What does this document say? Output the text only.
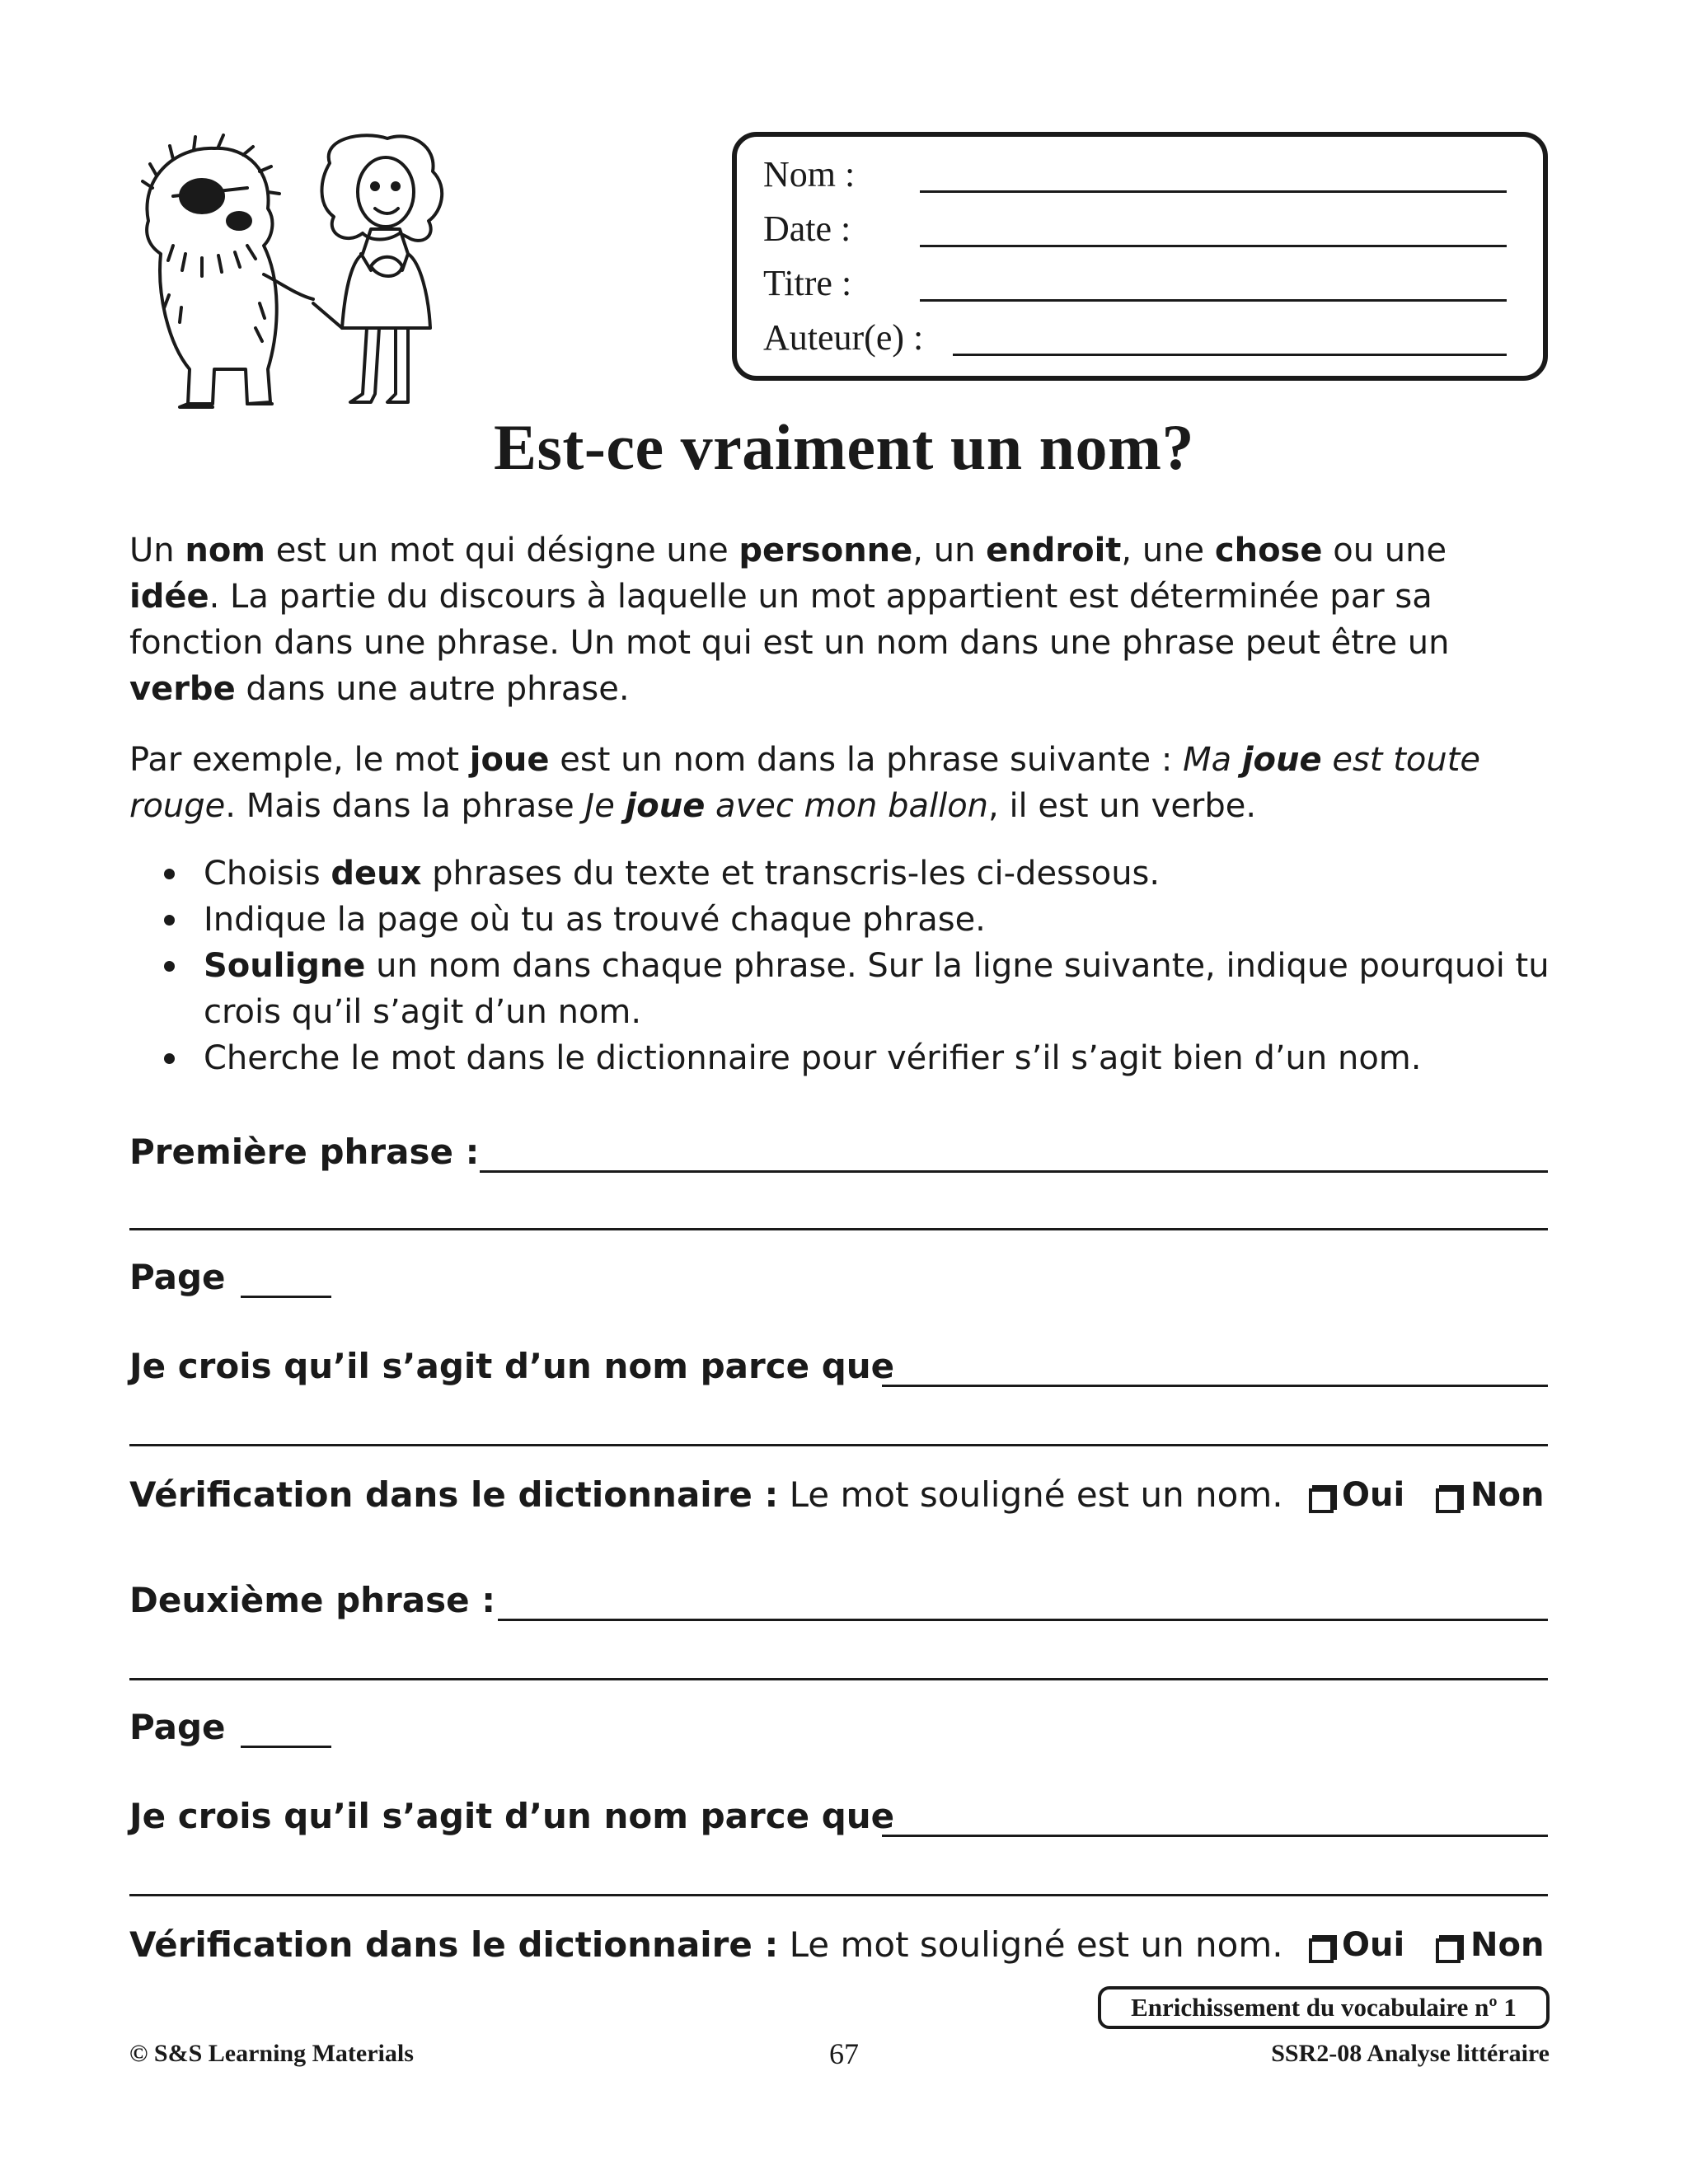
Nom :
Date :
Titre :
Auteur(e) :
Est-ce vraiment un nom?
Un nom est un mot qui désigne une personne, un endroit, une chose ou une idée. La partie du discours à laquelle un mot appartient est déterminée par sa fonction dans une phrase. Un mot qui est un nom dans une phrase peut être un verbe dans une autre phrase.
Par exemple, le mot joue est un nom dans la phrase suivante : Ma joue est toute rouge. Mais dans la phrase Je joue avec mon ballon, il est un verbe.
Choisis deux phrases du texte et transcris-les ci-dessous.
Indique la page où tu as trouvé chaque phrase.
Souligne un nom dans chaque phrase. Sur la ligne suivante, indique pourquoi tu crois qu’il s’agit d’un nom.
Cherche le mot dans le dictionnaire pour vérifier s’il s’agit bien d’un nom.
Première phrase :
Page
Je crois qu’il s’agit d’un nom parce que
Vérification dans le dictionnaire : Le mot souligné est un nom. Oui Non
Deuxième phrase :
Page
Je crois qu’il s’agit d’un nom parce que
Vérification dans le dictionnaire : Le mot souligné est un nom. Oui Non
Enrichissement du vocabulaire nº 1
© S&S Learning Materials	67	SSR2-08 Analyse littéraire
